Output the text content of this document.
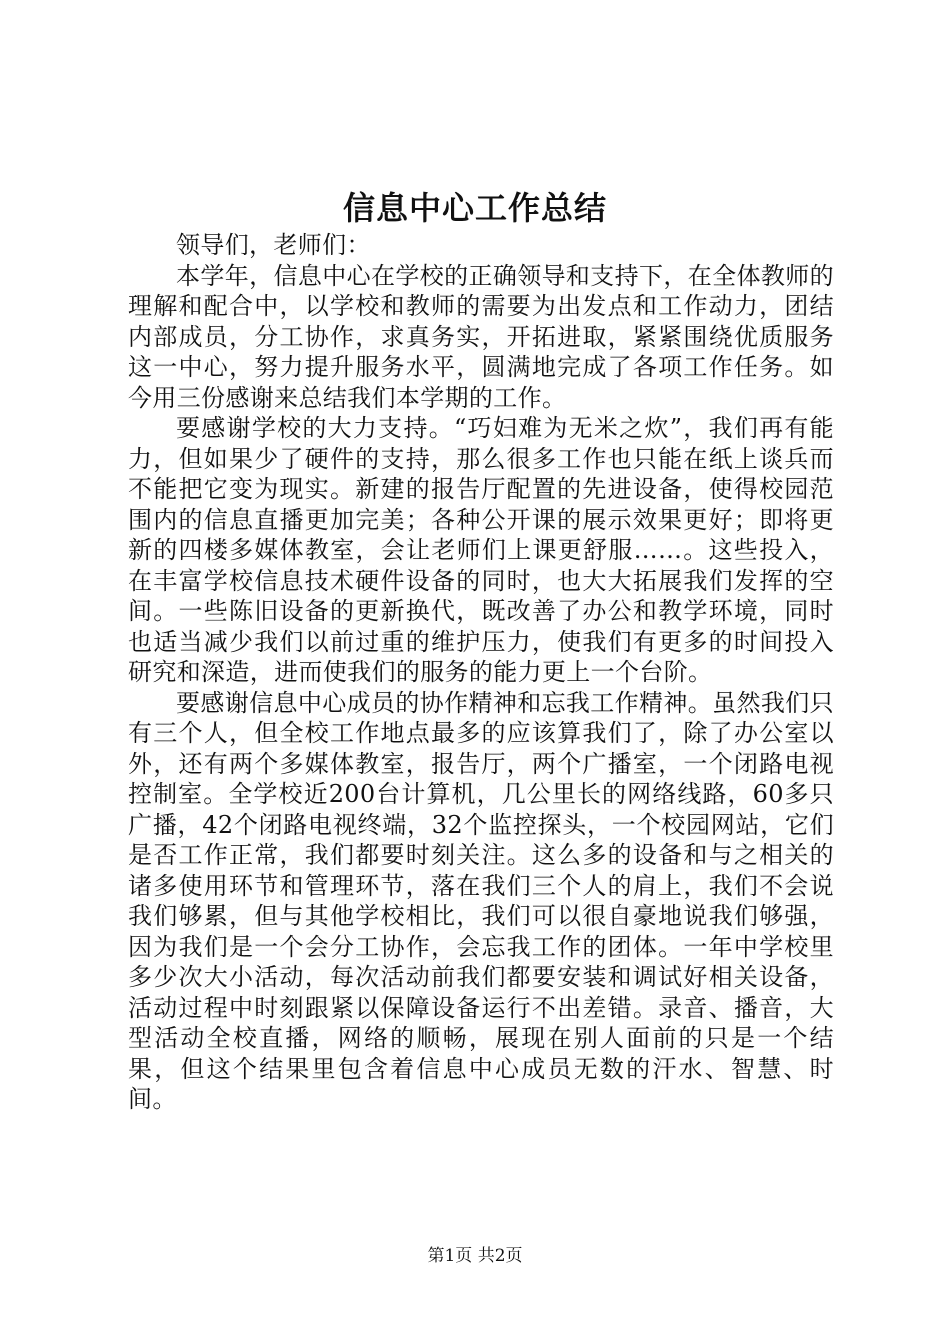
信息中心工作总结

领导们，老师们：

本学年，信息中心在学校的正确领导和支持下，在全体教师的理解和配合中，以学校和教师的需要为出发点和工作动力，团结内部成员，分工协作，求真务实，开拓进取，紧紧围绕优质服务这一中心，努力提升服务水平，圆满地完成了各项工作任务。如今用三份感谢来总结我们本学期的工作。

要感谢学校的大力支持。“巧妇难为无米之炊”，我们再有能力，但如果少了硬件的支持，那么很多工作也只能在纸上谈兵而不能把它变为现实。新建的报告厅配置的先进设备，使得校园范围内的信息直播更加完美；各种公开课的展示效果更好；即将更新的四楼多媒体教室，会让老师们上课更舒服……。这些投入，在丰富学校信息技术硬件设备的同时，也大大拓展我们发挥的空间。一些陈旧设备的更新换代，既改善了办公和教学环境，同时也适当减少我们以前过重的维护压力，使我们有更多的时间投入研究和深造，进而使我们的服务的能力更上一个台阶。

要感谢信息中心成员的协作精神和忘我工作精神。虽然我们只有三个人，但全校工作地点最多的应该算我们了，除了办公室以外，还有两个多媒体教室，报告厅，两个广播室，一个闭路电视控制室。全学校近200台计算机，几公里长的网络线路，60多只广播，42个闭路电视终端，32个监控探头，一个校园网站，它们是否工作正常，我们都要时刻关注。这么多的设备和与之相关的诸多使用环节和管理环节，落在我们三个人的肩上，我们不会说我们够累，但与其他学校相比，我们可以很自豪地说我们够强，因为我们是一个会分工协作，会忘我工作的团体。一年中学校里多少次大小活动，每次活动前我们都要安装和调试好相关设备，活动过程中时刻跟紧以保障设备运行不出差错。录音、播音，大型活动全校直播，网络的顺畅，展现在别人面前的只是一个结果，但这个结果里包含着信息中心成员无数的汗水、智慧、时间。

第1页 共2页
